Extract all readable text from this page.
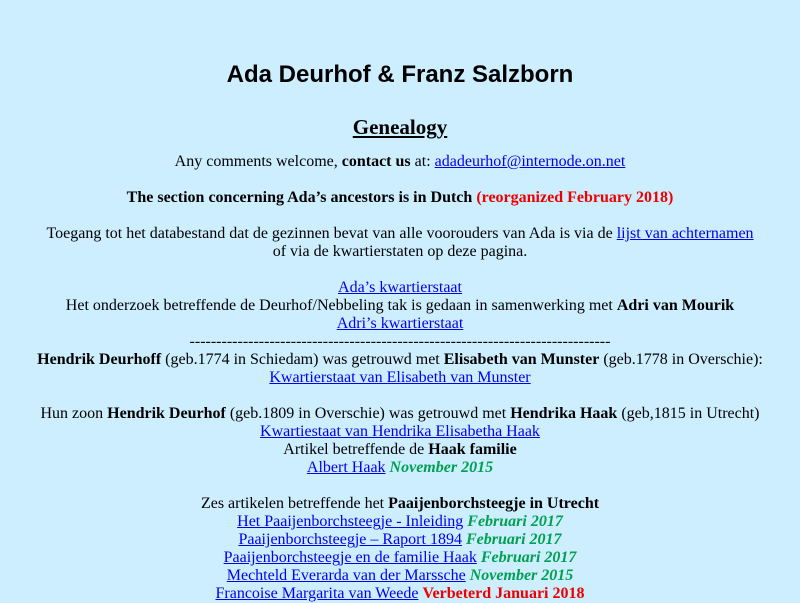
Ada Deurhof & Franz Salzborn
Genealogy

Any comments welcome, contact us at: adadeurhof@internode.on.net

The section concerning Ada’s ancestors is in Dutch (reorganized February 2018)

Toegang tot het databestand dat de gezinnen bevat van alle voorouders van Ada is via de lijst van achternamen
of via de kwartierstaten op deze pagina.

Ada’s kwartierstaat

Het onderzoek betreffende de Deurhof/Nebbeling tak is gedaan in samenwerking met Adri van Mourik

Adri’s kwartierstaat

-------------------------------------------------------------------------------

Hendrik Deurhoff (geb.1774 in Schiedam) was getrouwd met Elisabeth van Munster (geb.1778 in Overschie):

Kwartierstaat van Elisabeth van Munster

Hun zoon Hendrik Deurhof (geb.1809 in Overschie) was getrouwd met Hendrika Haak (geb,1815 in Utrecht)

Kwartiestaat van Hendrika Elisabetha Haak

Artikel betreffende de Haak familie

Albert Haak November 2015

Zes artikelen betreffende het Paaijenborchsteegje in Utrecht

Het Paaijenborchsteegje - Inleiding Februari 2017

Paaijenborchsteegje – Raport 1894 Februari 2017

Paaijenborchsteegje en de familie Haak Februari 2017

Mechteld Everarda van der Marssche November 2015

Francoise Margarita van Weede Verbeterd Januari 2018
